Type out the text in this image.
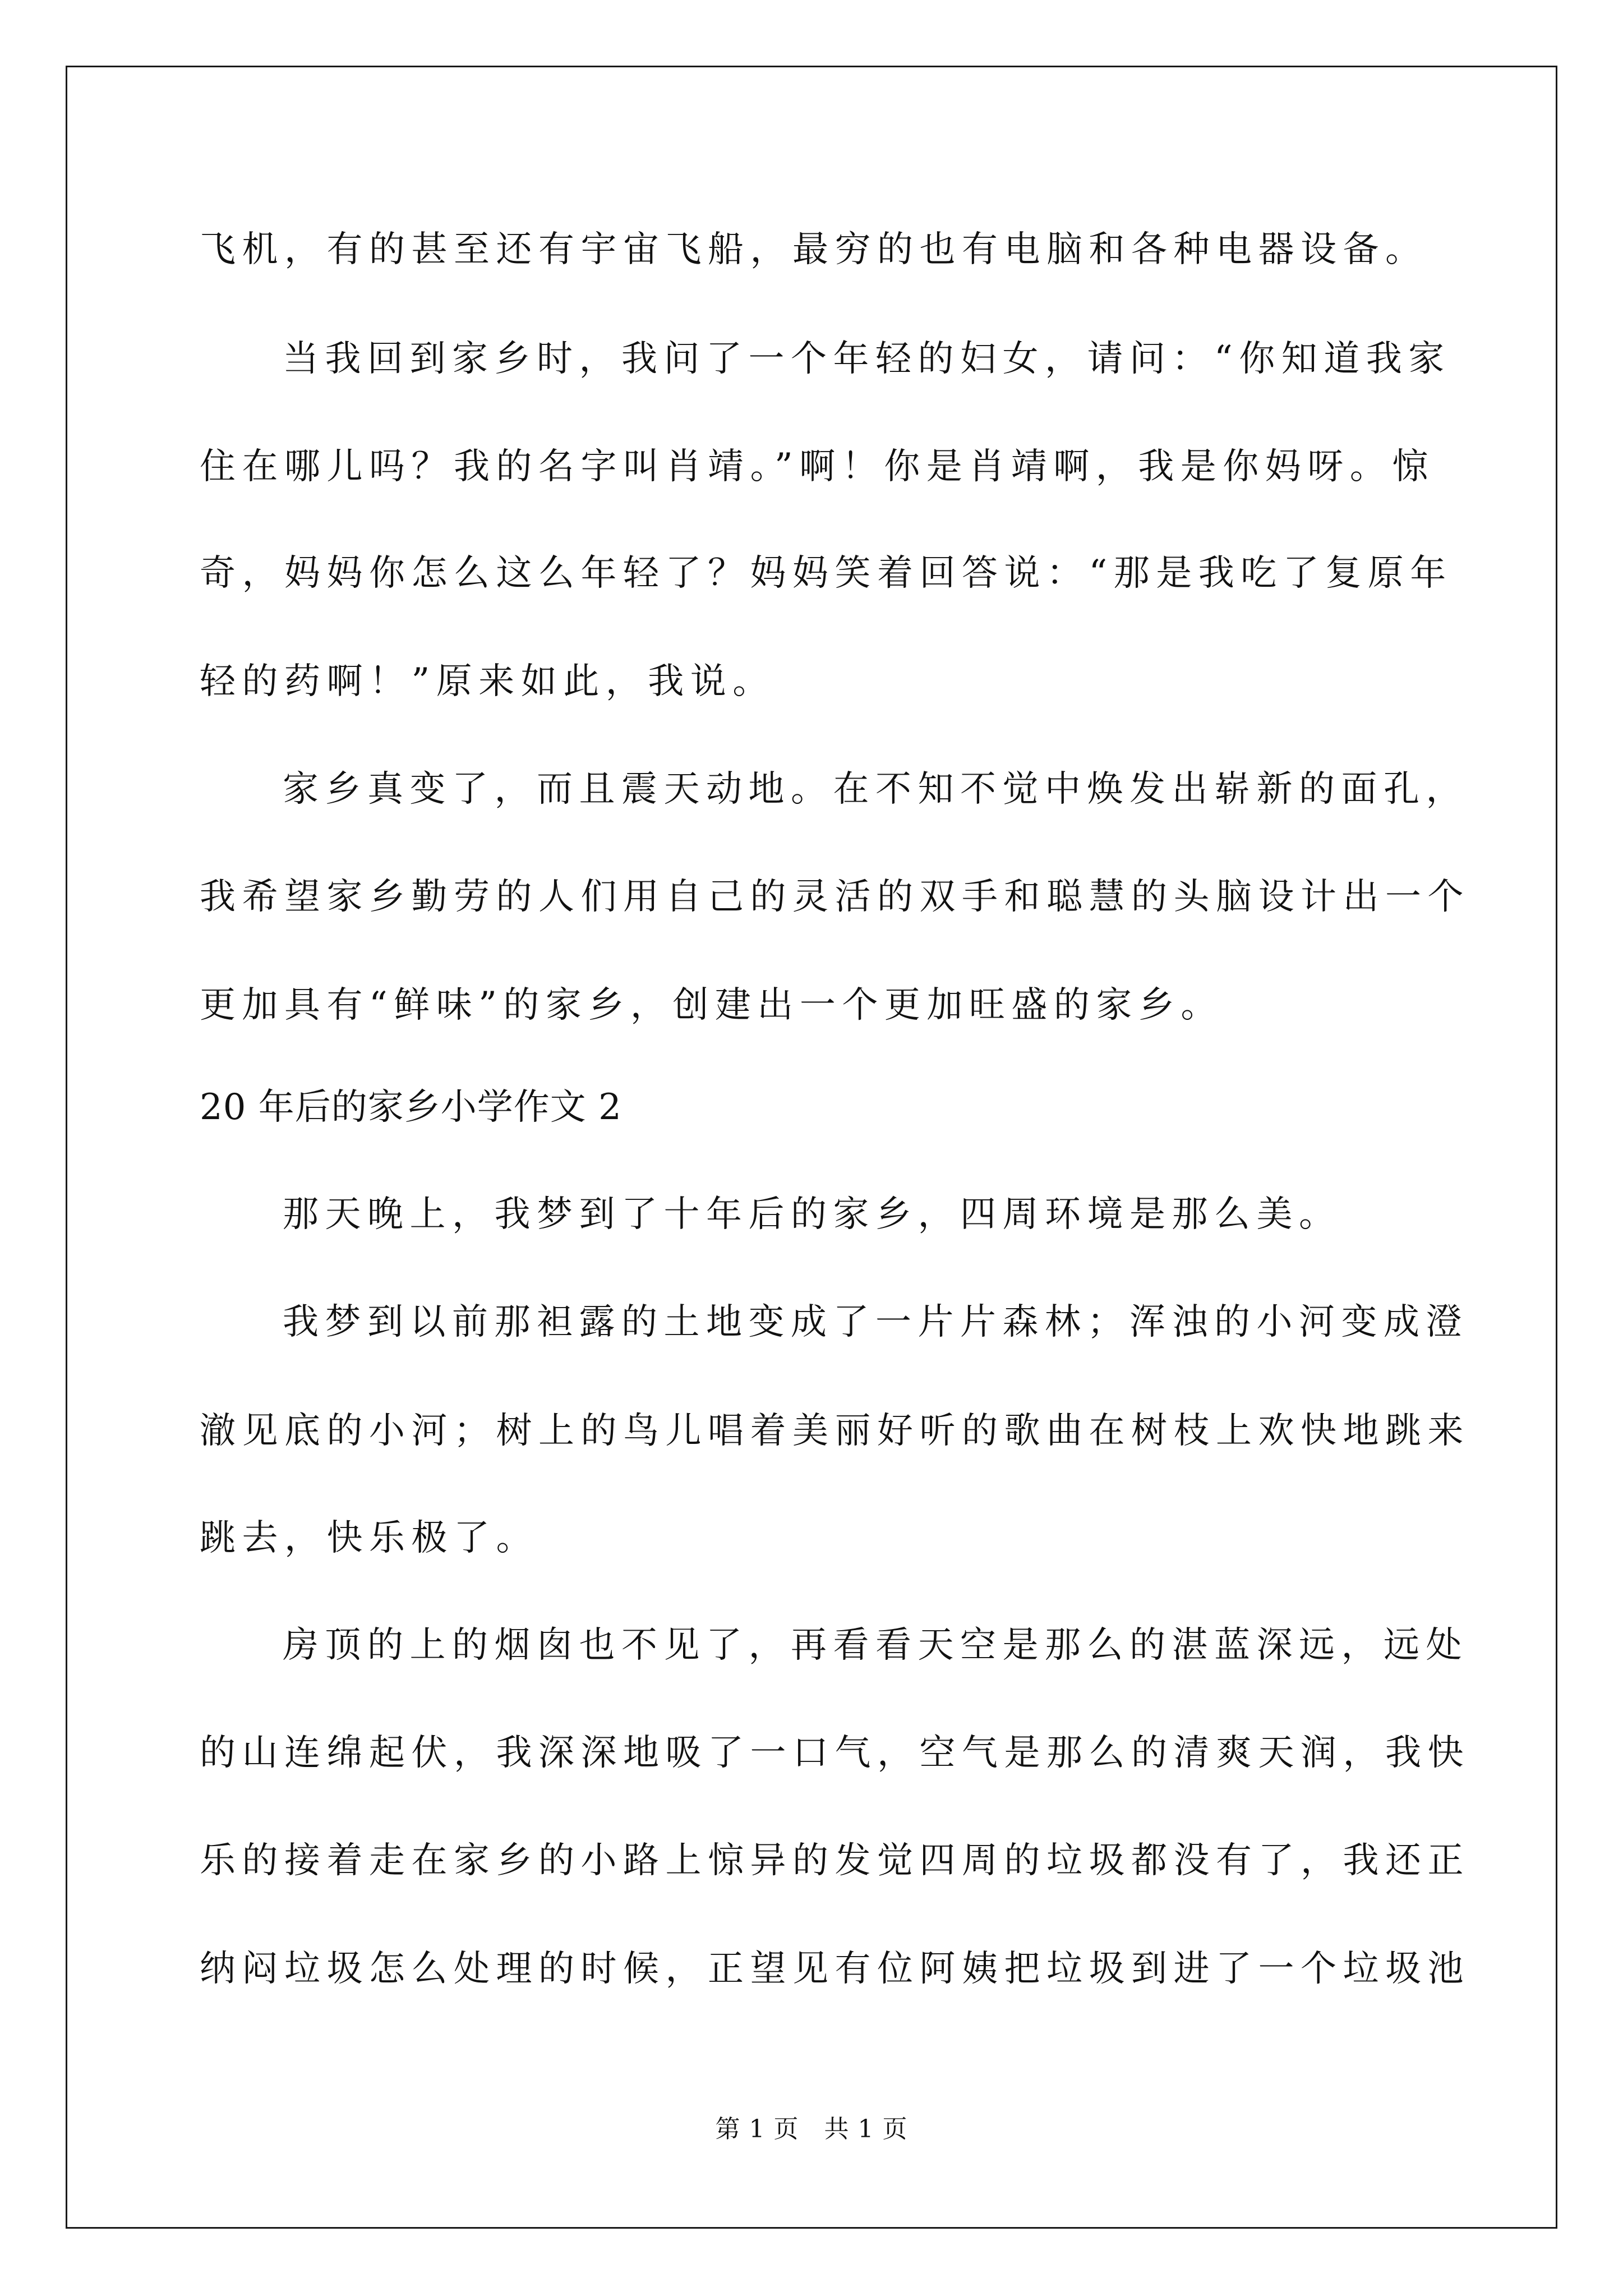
飞机，有的甚至还有宇宙飞船，最穷的也有电脑和各种电器设备。
当我回到家乡时，我问了一个年轻的妇女，请问：“你知道我家
住在哪儿吗？我的名字叫肖靖。”啊！你是肖靖啊，我是你妈呀。惊
奇，妈妈你怎么这么年轻了？妈妈笑着回答说：“那是我吃了复原年
轻的药啊！”原来如此，我说。
家乡真变了，而且震天动地。在不知不觉中焕发出崭新的面孔，
我希望家乡勤劳的人们用自己的灵活的双手和聪慧的头脑设计出一个
更加具有“鲜味”的家乡，创建出一个更加旺盛的家乡。
20 年后的家乡小学作文 2
那天晚上，我梦到了十年后的家乡，四周环境是那么美。
我梦到以前那袒露的土地变成了一片片森林；浑浊的小河变成澄
澈见底的小河；树上的鸟儿唱着美丽好听的歌曲在树枝上欢快地跳来
跳去，快乐极了。
房顶的上的烟囱也不见了，再看看天空是那么的湛蓝深远，远处
的山连绵起伏，我深深地吸了一口气，空气是那么的清爽天润，我快
乐的接着走在家乡的小路上惊异的发觉四周的垃圾都没有了，我还正
纳闷垃圾怎么处理的时候，正望见有位阿姨把垃圾到进了一个垃圾池
第 1 页   共 1 页
